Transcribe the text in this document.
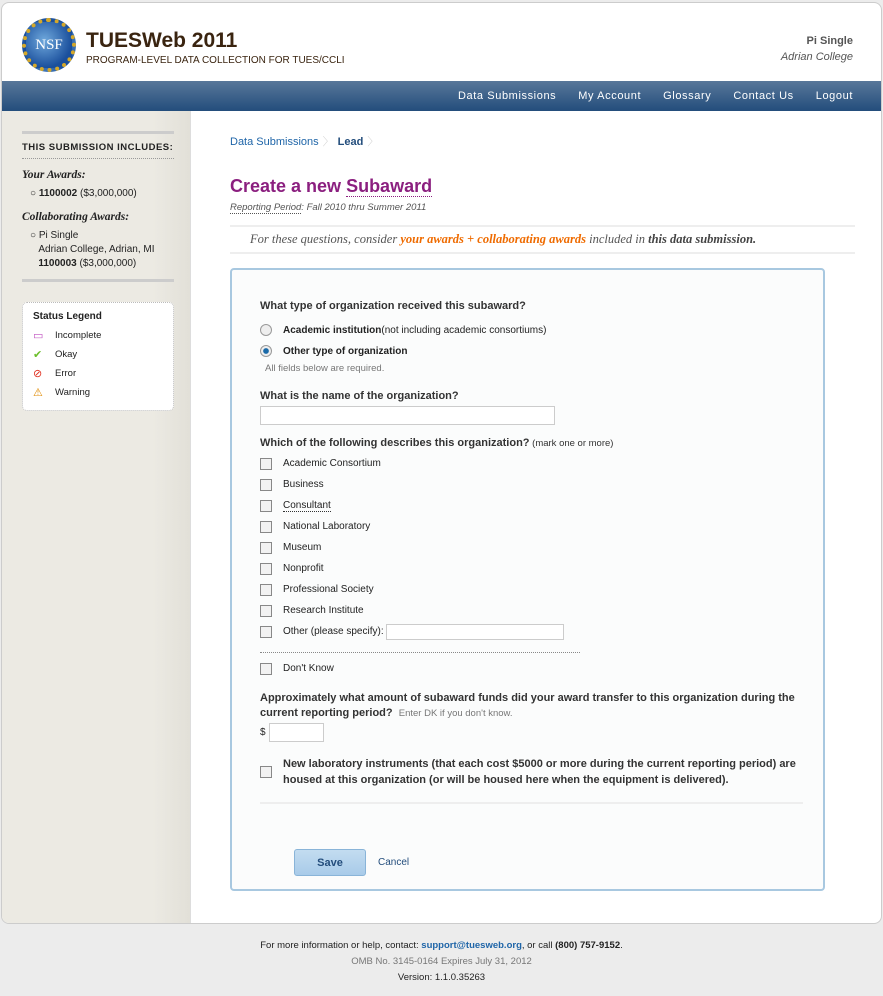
NSF	TUESWeb 2011
PROGRAM-LEVEL DATA COLLECTION FOR TUES/CCLI
Pi Single
Adrian College
Data Submissions My Account Glossary Contact Us Logout
THIS SUBMISSION INCLUDES:
Your Awards:
○ 1100002 ($3,000,000)
Collaborating Awards:
○ Pi Single
Adrian College, Adrian, MI
1100003 ($3,000,000)
Status Legend
▭	Incomplete
✔	Okay
⊘	Error
⚠	Warning
Data Submissions 〉 Lead 〉
Create a new Subaward
Reporting Period: Fall 2010 thru Summer 2011
For these questions, consider your awards + collaborating awards included in this data submission.
What type of organization received this subaward?
Academic institution (not including academic consortiums)
Other type of organization
All fields below are required.
What is the name of the organization?
Which of the following describes this organization? (mark one or more)
Academic Consortium
Business
Consultant
National Laboratory
Museum
Nonprofit
Professional Society
Research Institute
Other (please specify):
Don't Know
Approximately what amount of subaward funds did your award transfer to this organization during the current reporting period? Enter DK if you don't know.
$
New laboratory instruments (that each cost $5000 or more during the current reporting period) are housed at this organization (or will be housed here when the equipment is delivered).
Save	Cancel
For more information or help, contact: support@tuesweb.org, or call (800) 757-9152.
OMB No. 3145-0164 Expires July 31, 2012
Version: 1.1.0.35263
